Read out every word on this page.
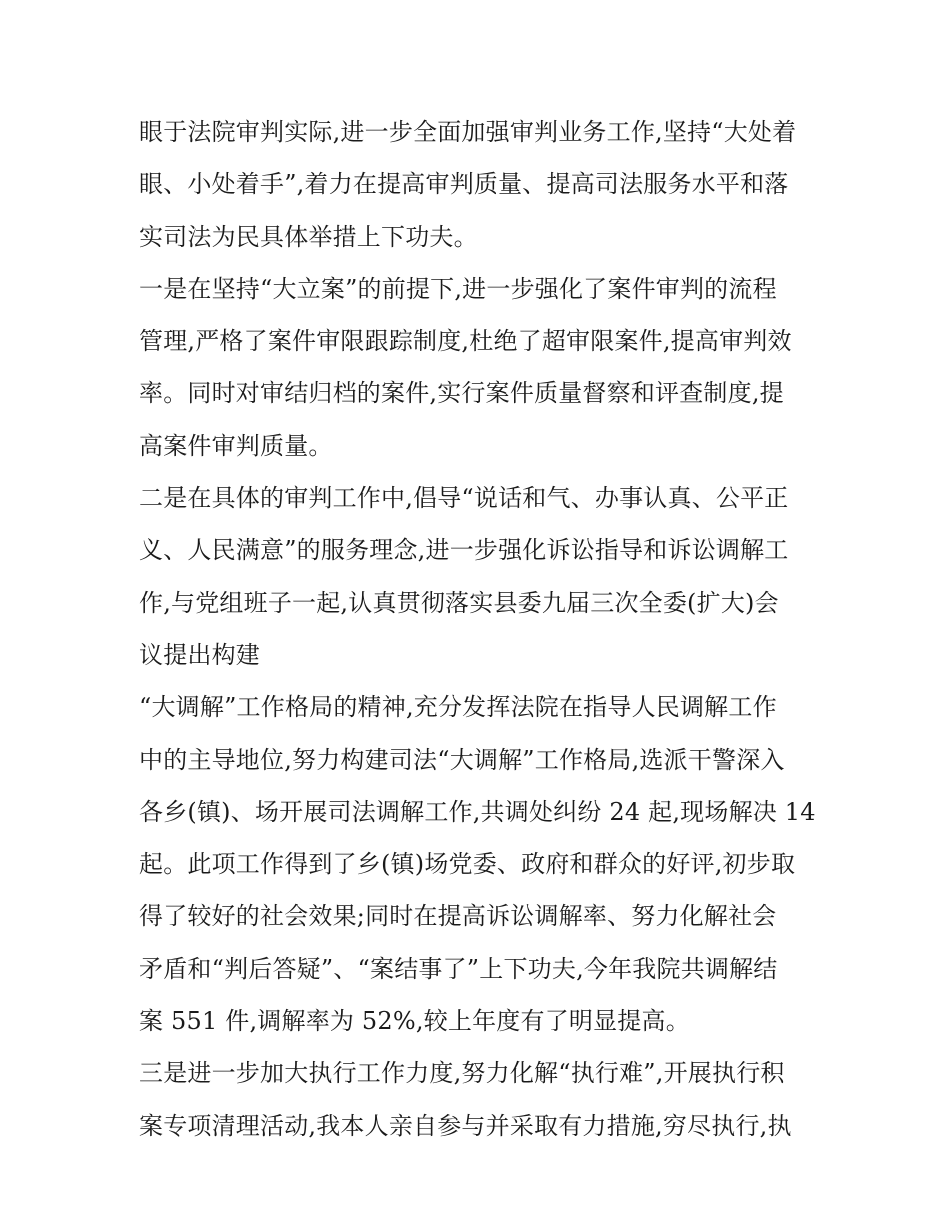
眼于法院审判实际,进一步全面加强审判业务工作,坚持“大处着
眼、小处着手”,着力在提高审判质量、提高司法服务水平和落
实司法为民具体举措上下功夫。
一是在坚持“大立案”的前提下,进一步强化了案件审判的流程
管理,严格了案件审限跟踪制度,杜绝了超审限案件,提高审判效
率。同时对审结归档的案件,实行案件质量督察和评查制度,提
高案件审判质量。
二是在具体的审判工作中,倡导“说话和气、办事认真、公平正
义、人民满意”的服务理念,进一步强化诉讼指导和诉讼调解工
作,与党组班子一起,认真贯彻落实县委九届三次全委(扩大)会
议提出构建
“大调解”工作格局的精神,充分发挥法院在指导人民调解工作
中的主导地位,努力构建司法“大调解”工作格局,选派干警深入
各乡(镇)、场开展司法调解工作,共调处纠纷 24 起,现场解决 14
起。此项工作得到了乡(镇)场党委、政府和群众的好评,初步取
得了较好的社会效果;同时在提高诉讼调解率、努力化解社会
矛盾和“判后答疑”、“案结事了”上下功夫,今年我院共调解结
案 551 件,调解率为 52%,较上年度有了明显提高。
三是进一步加大执行工作力度,努力化解“执行难”,开展执行积
案专项清理活动,我本人亲自参与并采取有力措施,穷尽执行,执
